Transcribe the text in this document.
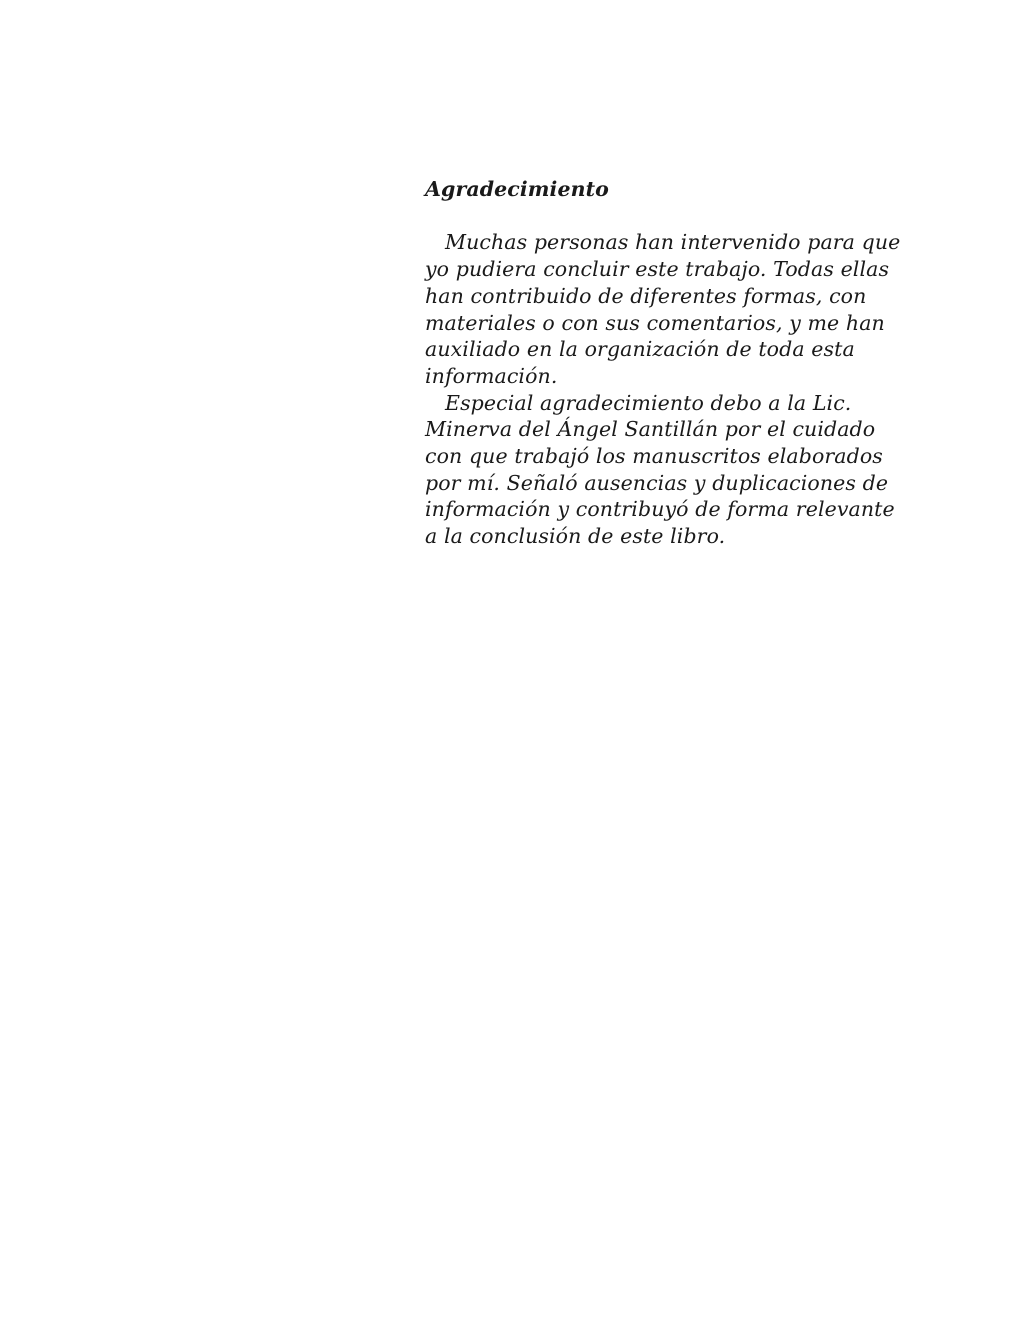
Agradecimiento
Muchas personas han intervenido para que
yo pudiera concluir este trabajo. Todas ellas
han contribuido de diferentes formas, con
materiales o con sus comentarios, y me han
auxiliado en la organización de toda esta
información.
Especial agradecimiento debo a la Lic.
Minerva del Ángel Santillán por el cuidado
con que trabajó los manuscritos elaborados
por mí. Señaló ausencias y duplicaciones de
información y contribuyó de forma relevante
a la conclusión de este libro.
